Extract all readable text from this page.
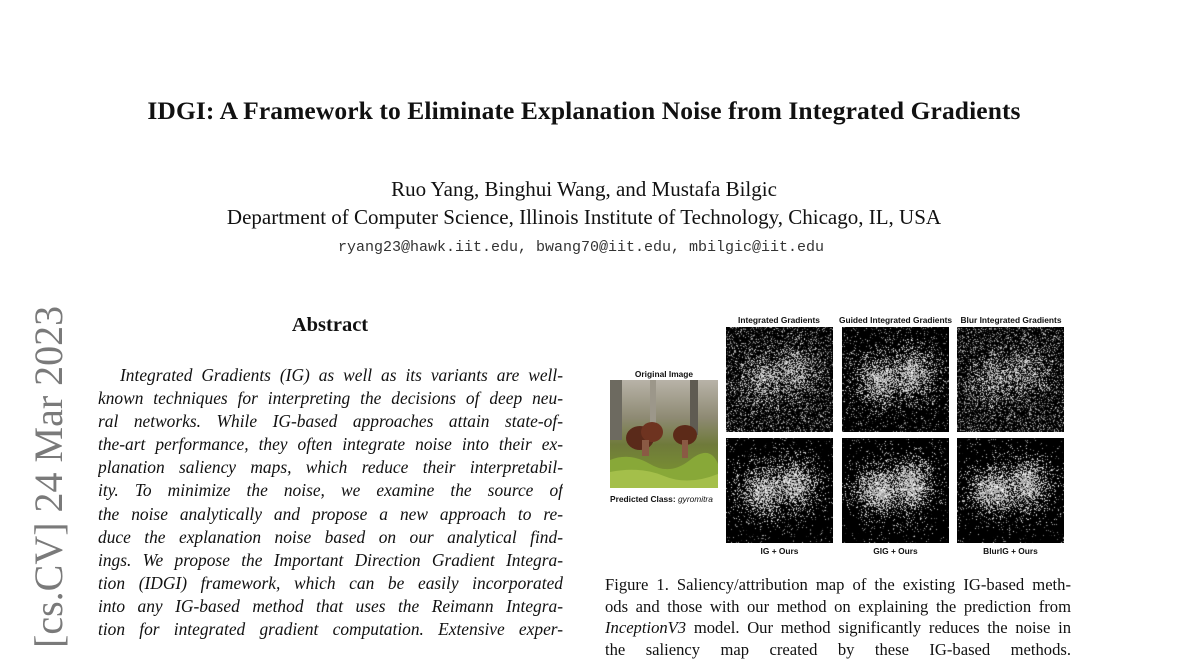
[cs.CV] 24 Mar 2023
IDGI: A Framework to Eliminate Explanation Noise from Integrated Gradients
Ruo Yang, Binghui Wang, and Mustafa Bilgic
Department of Computer Science, Illinois Institute of Technology, Chicago, IL, USA
ryang23@hawk.iit.edu, bwang70@iit.edu, mbilgic@iit.edu
Abstract
Integrated Gradients (IG) as well as its variants are well-
known techniques for interpreting the decisions of deep neu-
ral networks. While IG-based approaches attain state-of-
the-art performance, they often integrate noise into their ex-
planation saliency maps, which reduce their interpretabil-
ity. To minimize the noise, we examine the source of
the noise analytically and propose a new approach to re-
duce the explanation noise based on our analytical find-
ings. We propose the Important Direction Gradient Integra-
tion (IDGI) framework, which can be easily incorporated
into any IG-based method that uses the Reimann Integra-
tion for integrated gradient computation. Extensive exper-
Integrated Gradients	Guided Integrated Gradients	Blur Integrated Gradients
Original Image
Predicted Class: gyromitra
IG + Ours	GIG + Ours	BlurIG + Ours
Figure 1. Saliency/attribution map of the existing IG-based meth-
ods and those with our method on explaining the prediction from
InceptionV3 model. Our method significantly reduces the noise in
the saliency map created by these IG-based methods.
